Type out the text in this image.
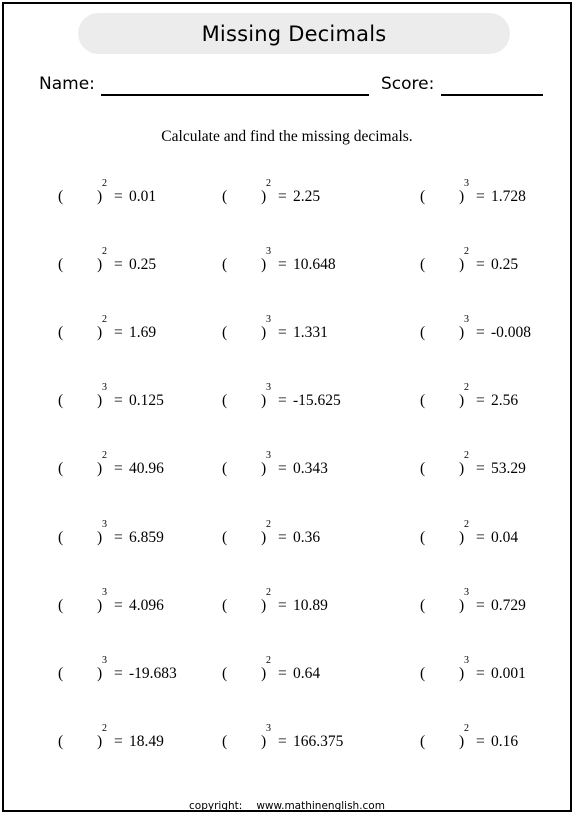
Missing Decimals
Name:	Score:
Calculate and find the missing decimals.
( )
2
= 0.01	( )
2
= 2.25	( )
3
= 1.728
( )
2
= 0.25	( )
3
= 10.648	( )
2
= 0.25
( )
2
= 1.69	( )
3
= 1.331	( )
3
= -0.008
( )
3
= 0.125	( )
3
= -15.625	( )
2
= 2.56
( )
2
= 40.96	( )
3
= 0.343	( )
2
= 53.29
( )
3
= 6.859	( )
2
= 0.36	( )
2
= 0.04
( )
3
= 4.096	( )
2
= 10.89	( )
3
= 0.729
( )
3
= -19.683	( )
2
= 0.64	( )
3
= 0.001
( )
2
= 18.49	( )
3
= 166.375	( )
2
= 0.16
copyright: www.mathinenglish.com
